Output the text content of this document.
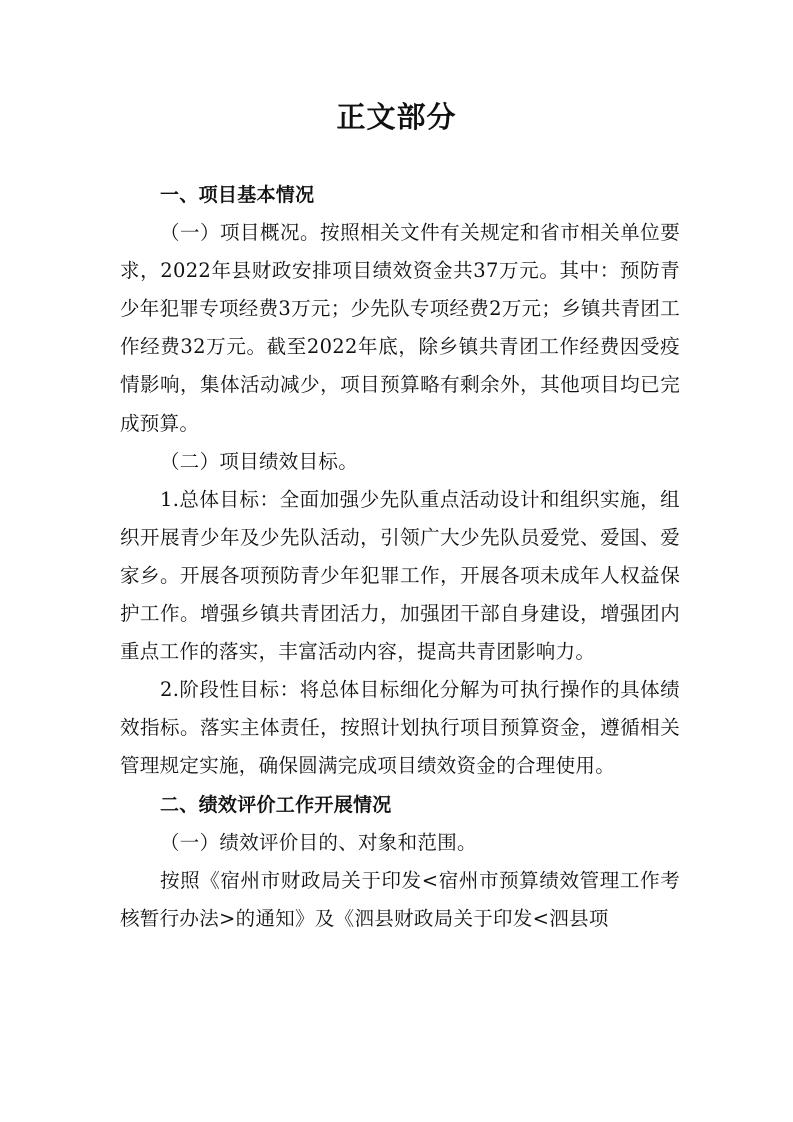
正文部分

一、项目基本情况

（一）项目概况。按照相关文件有关规定和省市相关单位要求，2022年县财政安排项目绩效资金共37万元。其中：预防青少年犯罪专项经费3万元；少先队专项经费2万元；乡镇共青团工作经费32万元。截至2022年底，除乡镇共青团工作经费因受疫情影响，集体活动减少，项目预算略有剩余外，其他项目均已完成预算。

（二）项目绩效目标。

1.总体目标：全面加强少先队重点活动设计和组织实施，组织开展青少年及少先队活动，引领广大少先队员爱党、爱国、爱家乡。开展各项预防青少年犯罪工作，开展各项未成年人权益保护工作。增强乡镇共青团活力，加强团干部自身建设，增强团内重点工作的落实，丰富活动内容，提高共青团影响力。

2.阶段性目标：将总体目标细化分解为可执行操作的具体绩效指标。落实主体责任，按照计划执行项目预算资金，遵循相关管理规定实施，确保圆满完成项目绩效资金的合理使用。

二、绩效评价工作开展情况

（一）绩效评价目的、对象和范围。

按照《宿州市财政局关于印发<宿州市预算绩效管理工作考核暂行办法>的通知》及《泗县财政局关于印发<泗县项
